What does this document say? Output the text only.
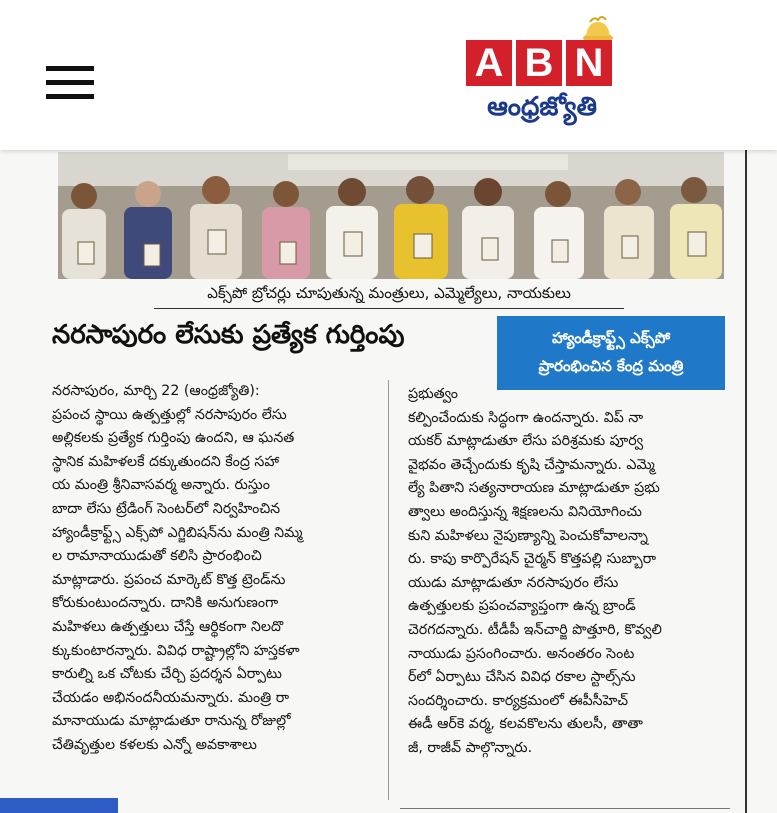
A B N
ఆంధ్రజ్యోతి
ఎక్స్‌పో బ్రోచర్లు చూపుతున్న మంత్రులు, ఎమ్మెల్యేలు, నాయకులు
నరసాపురం లేసుకు ప్రత్యేక గుర్తింపు	హ్యాండీక్రాఫ్ట్స్ ఎక్స్‌పో
ప్రారంభించిన కేంద్ర మంత్రి

నరసాపురం, మార్చి 22 (ఆంధ్రజ్యోతి):

ప్రపంచ స్థాయి ఉత్పత్తుల్లో నరసాపురం లేసు

అల్లికలకు ప్రత్యేక గుర్తింపు ఉందని, ఆ ఘనత

స్థానిక మహిళలకే దక్కుతుందని కేంద్ర సహా

య మంత్రి శ్రీనివాసవర్మ అన్నారు. రుస్తుం

బాదా లేసు ట్రేడింగ్ సెంటర్‌లో నిర్వహించిన

హ్యాండీక్రాఫ్ట్స్ ఎక్స్‌పో ఎగ్జిబిషన్‌ను మంత్రి నిమ్మ

ల రామానాయుడుతో కలిసి ప్రారంభించి

మాట్లాడారు. ప్రపంచ మార్కెట్ కొత్త ట్రెండ్‌ను

కోరుకుంటుందన్నారు. దానికి అనుగుణంగా

మహిళలు ఉత్పత్తులు చేస్తే ఆర్థికంగా నిలదొ

క్కుకుంటారన్నారు. వివిధ రాష్ట్రాల్లోని హస్తకళా

కారుల్ని ఒక చోటకు చేర్చి ప్రదర్శన ఏర్పాటు

చేయడం అభినందనీయమన్నారు. మంత్రి రా

మానాయుడు మాట్లాడుతూ రానున్న రోజుల్లో

చేతివృత్తుల కళలకు ఎన్నో అవకాశాలు

ప్రభుత్వం

కల్పించేందుకు సిద్ధంగా ఉందన్నారు. విప్ నా

యకర్ మాట్లాడుతూ లేసు పరిశ్రమకు పూర్వ

వైభవం తెచ్చేందుకు కృషి చేస్తామన్నారు. ఎమ్మె

ల్యే పితాని సత్యనారాయణ మాట్లాడుతూ ప్రభు

త్వాలు అందిస్తున్న శిక్షణలను వినియోగించు

కుని మహిళలు నైపుణ్యాన్ని పెంచుకోవాలన్నా

రు. కాపు కార్పొరేషన్ చైర్మన్ కొత్తపల్లి సుబ్బారా

యుడు మాట్లాడుతూ నరసాపురం లేసు

ఉత్పత్తులకు ప్రపంచవ్యాప్తంగా ఉన్న బ్రాండ్

చెరగదన్నారు. టీడీపీ ఇన్‌చార్జి పొత్తూరి, కొవ్వలి

నాయుడు ప్రసంగించారు. అనంతరం సెంట

ర్‌లో ఏర్పాటు చేసిన వివిధ రకాల స్టాల్స్‌ను

సందర్శించారు. కార్యక్రమంలో ఈపీసీహెచ్

ఈడీ ఆర్‌కె వర్మ, కలవకొలను తులసీ, తాతా

జీ, రాజీవ్ పాల్గొన్నారు.
